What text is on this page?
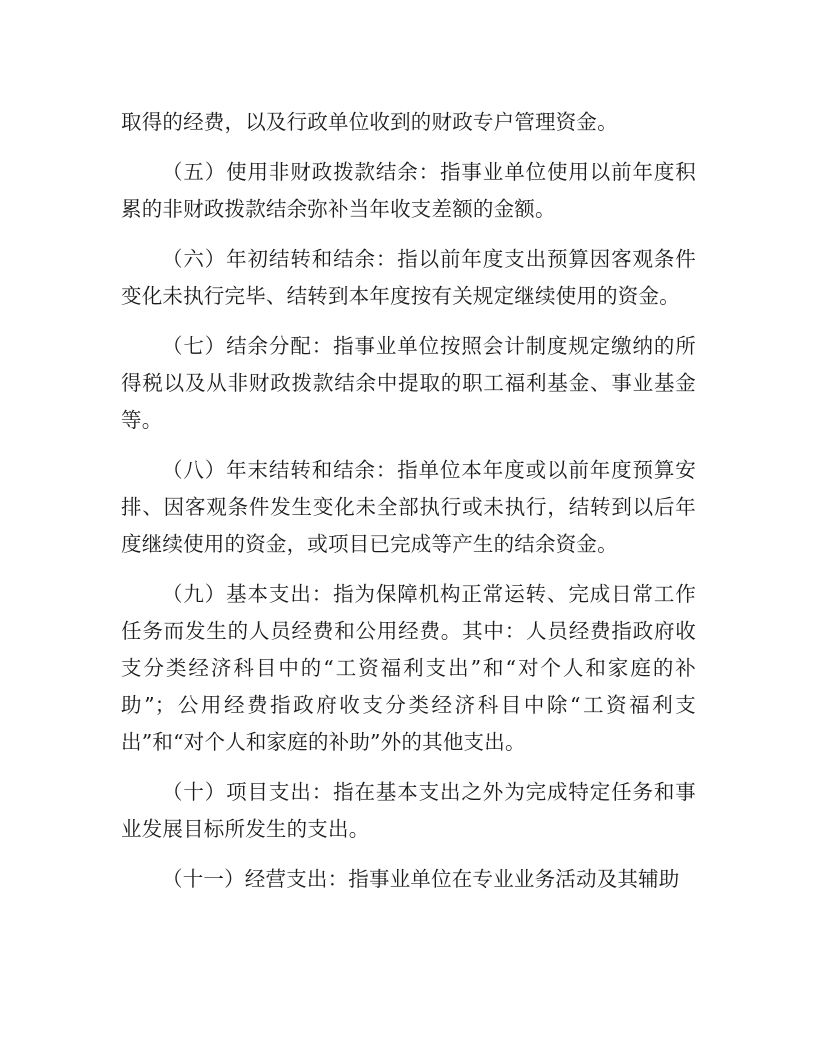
取得的经费，以及行政单位收到的财政专户管理资金。

（五）使用非财政拨款结余：指事业单位使用以前年度积累的非财政拨款结余弥补当年收支差额的金额。

（六）年初结转和结余：指以前年度支出预算因客观条件变化未执行完毕、结转到本年度按有关规定继续使用的资金。

（七）结余分配：指事业单位按照会计制度规定缴纳的所得税以及从非财政拨款结余中提取的职工福利基金、事业基金等。

（八）年末结转和结余：指单位本年度或以前年度预算安排、因客观条件发生变化未全部执行或未执行，结转到以后年度继续使用的资金，或项目已完成等产生的结余资金。

（九）基本支出：指为保障机构正常运转、完成日常工作任务而发生的人员经费和公用经费。其中：人员经费指政府收支分类经济科目中的“工资福利支出”和“对个人和家庭的补助”；公用经费指政府收支分类经济科目中除“工资福利支出”和“对个人和家庭的补助”外的其他支出。

（十）项目支出：指在基本支出之外为完成特定任务和事业发展目标所发生的支出。

（十一）经营支出：指事业单位在专业业务活动及其辅助
